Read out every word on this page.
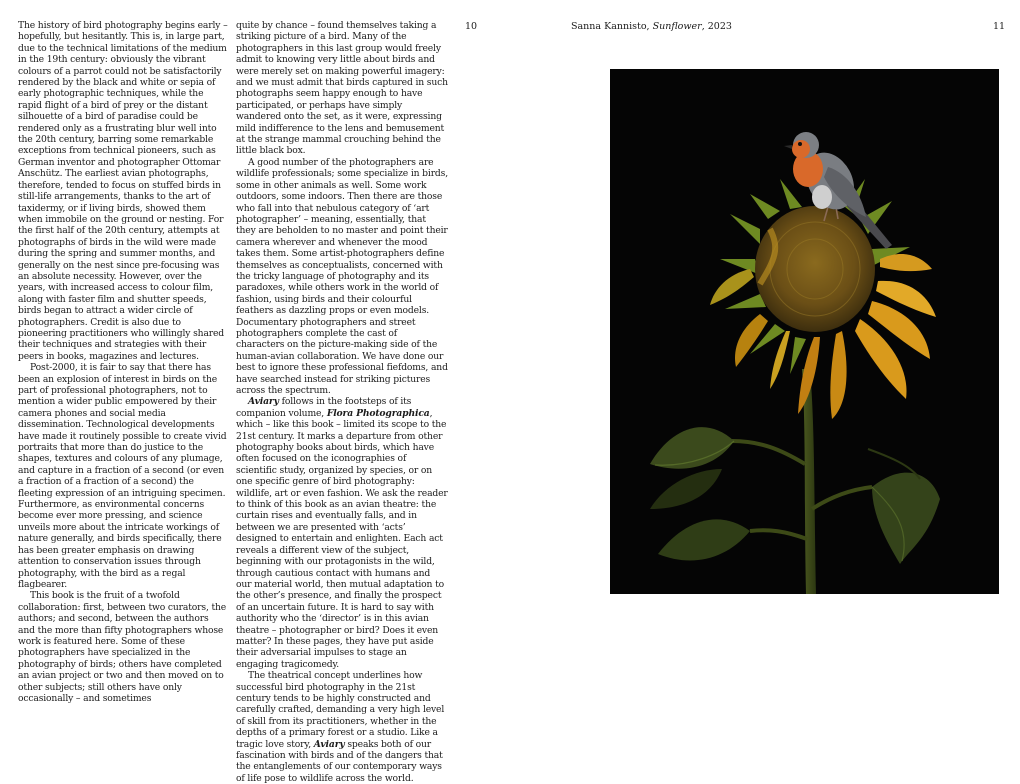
The history of bird photography begins early – hopefully, but hesitantly. This is, in large part, due to the technical limitations of the medium in the 19th century: obviously the vibrant colours of a parrot could not be satisfactorily rendered by the black and white or sepia of early photographic techniques, while the rapid flight of a bird of prey or the distant silhouette of a bird of paradise could be rendered only as a frustrating blur well into the 20th century, barring some remarkable exceptions from technical pioneers, such as German inventor and photographer Ottomar Anschütz. The earliest avian photographs, therefore, tended to focus on stuffed birds in still-life arrangements, thanks to the art of taxidermy, or if living birds, showed them when immobile on the ground or nesting. For the first half of the 20th century, attempts at photographs of birds in the wild were made during the spring and summer months, and generally on the nest since pre-focusing was an absolute necessity. However, over the years, with increased access to colour film, along with faster film and shutter speeds, birds began to attract a wider circle of photographers. Credit is also due to pioneering practitioners who willingly shared their techniques and strategies with their peers in books, magazines and lectures.

Post-2000, it is fair to say that there has been an explosion of interest in birds on the part of professional photographers, not to mention a wider public empowered by their camera phones and social media dissemination. Technological developments have made it routinely possible to create vivid portraits that more than do justice to the shapes, textures and colours of any plumage, and capture in a fraction of a second (or even a fraction of a fraction of a second) the fleeting expression of an intriguing specimen. Furthermore, as environmental concerns become ever more pressing, and science unveils more about the intricate workings of nature generally, and birds specifically, there has been greater emphasis on drawing attention to conservation issues through photography, with the bird as a regal flagbearer.

This book is the fruit of a twofold collaboration: first, between two curators, the authors; and second, between the authors and the more than fifty photographers whose work is featured here. Some of these photographers have specialized in the photography of birds; others have completed an avian project or two and then moved on to other subjects; still others have only occasionally – and sometimes

quite by chance – found themselves taking a striking picture of a bird. Many of the photographers in this last group would freely admit to knowing very little about birds and were merely set on making powerful imagery: and we must admit that birds captured in such photographs seem happy enough to have participated, or perhaps have simply wandered onto the set, as it were, expressing mild indifference to the lens and bemusement at the strange mammal crouching behind the little black box.

A good number of the photographers are wildlife professionals; some specialize in birds, some in other animals as well. Some work outdoors, some indoors. Then there are those who fall into that nebulous category of ‘art photographer’ – meaning, essentially, that they are beholden to no master and point their camera wherever and whenever the mood takes them. Some artist-photographers define themselves as conceptualists, concerned with the tricky language of photography and its paradoxes, while others work in the world of fashion, using birds and their colourful feathers as dazzling props or even models. Documentary photographers and street photographers complete the cast of characters on the picture-making side of the human-avian collaboration. We have done our best to ignore these professional fiefdoms, and have searched instead for striking pictures across the spectrum.

Aviary follows in the footsteps of its companion volume, Flora Photographica, which – like this book – limited its scope to the 21st century. It marks a departure from other photography books about birds, which have often focused on the iconographies of scientific study, organized by species, or on one specific genre of bird photography: wildlife, art or even fashion. We ask the reader to think of this book as an avian theatre: the curtain rises and eventually falls, and in between we are presented with ‘acts’ designed to entertain and enlighten. Each act reveals a different view of the subject, beginning with our protagonists in the wild, through cautious contact with humans and our material world, then mutual adaptation to the other’s presence, and finally the prospect of an uncertain future. It is hard to say with authority who the ‘director’ is in this avian theatre – photographer or bird? Does it even matter? In these pages, they have put aside their adversarial impulses to stage an engaging tragicomedy.

The theatrical concept underlines how successful bird photography in the 21st century tends to be highly constructed and carefully crafted, demanding a very high level of skill from its practitioners, whether in the depths of a primary forest or a studio. Like a tragic love story, Aviary speaks both of our fascination with birds and of the dangers that the entanglements of our contemporary ways of life pose to wildlife across the world.

10	Sanna Kannisto, Sunflower, 2023	11
